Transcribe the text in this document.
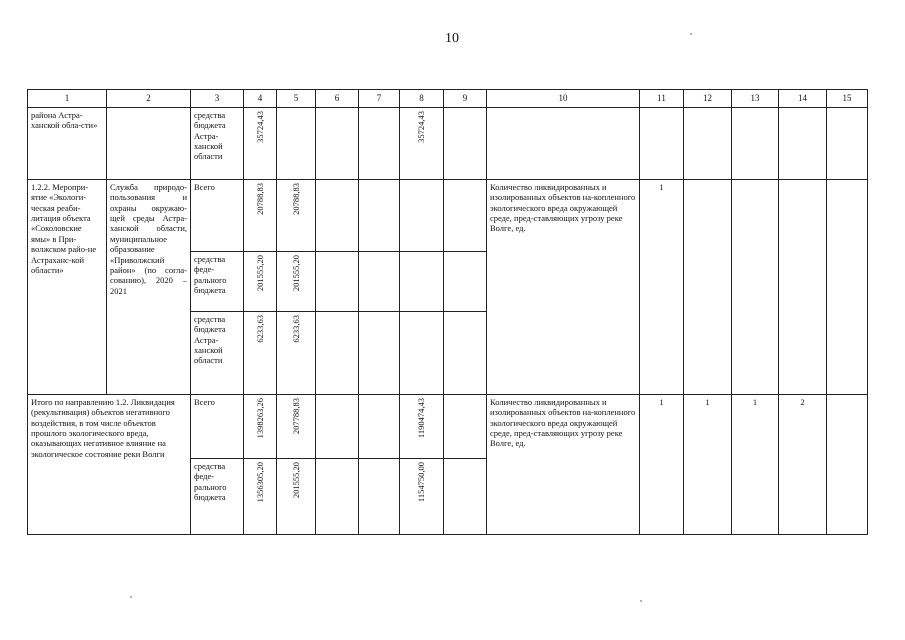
10
1	2	3	4	5	6	7	8	9	10	11	12	13	14	15

района Астра-ханской обла-сти»		средства бюджета Астра-ханской области	35724,43				35724,43							

1.2.2. Меропри-ятие «Экологи-ческая реаби-литация объекта «Соколовские ямы» в При-волжском райо-не Астраханс-кой области»	Служба природо-пользования и охраны окружаю-щей среды Астра-ханской области, муниципальное образование «Приволжский район» (по согла-сованию), 2020 – 2021	Всего	20788,83	20788,83					Количество ликвидированных и изолированных объектов на-копленного экологического вреда окружающей среде, пред-ставляющих угрозу реке Волге, ед.	1				

		средства феде-рального бюджета	201555,20	201555,20										

		средства бюджета Астра-ханской области	6233,63	6233,63										

Итого по направлению 1.2. Ликвидация (рекультивация) объектов негативного воздействия, в том числе объектов прошлого экологического вреда, оказывающих негативное влияние на экологическое состояние реки Волги		Всего	1398263,26	207788,83			1190474,43		Количество ликвидированных и изолированных объектов на-копленного экологического вреда окружающей среде, пред-ставляющих угрозу реке Волге, ед.	1	1	1	2	

		средства феде-рального бюджета	1356305,20	201555,20			1154750,00							
